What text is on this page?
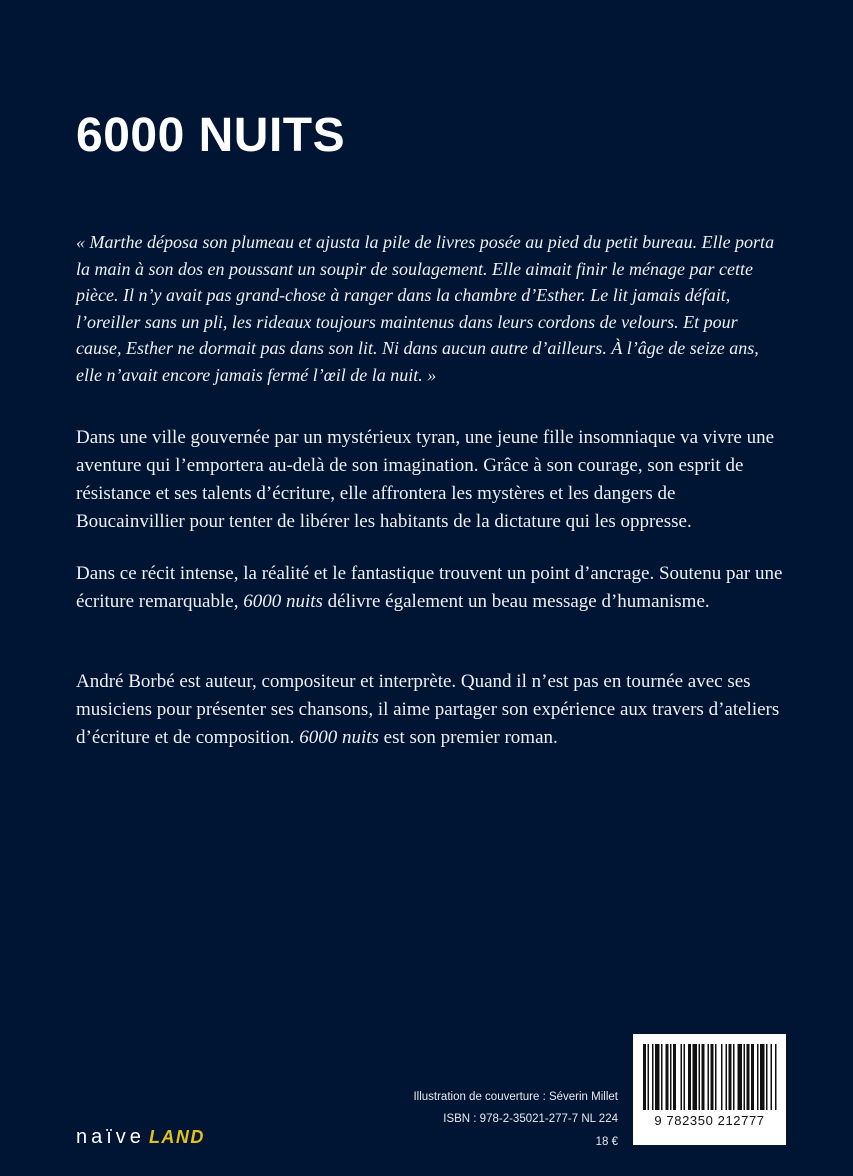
6000 NUITS

« Marthe déposa son plumeau et ajusta la pile de livres posée au pied du petit bureau. Elle porta la main à son dos en poussant un soupir de soulagement. Elle aimait finir le ménage par cette pièce. Il n’y avait pas grand-chose à ranger dans la chambre d’Esther. Le lit jamais défait, l’oreiller sans un pli, les rideaux toujours maintenus dans leurs cordons de velours. Et pour cause, Esther ne dormait pas dans son lit. Ni dans aucun autre d’ailleurs. À l’âge de seize ans, elle n’avait encore jamais fermé l’œil de la nuit. »

Dans une ville gouvernée par un mystérieux tyran, une jeune fille insomniaque va vivre une aventure qui l’emportera au-delà de son imagination. Grâce à son courage, son esprit de résistance et ses talents d’écriture, elle affrontera les mystères et les dangers de Boucainvillier pour tenter de libérer les habitants de la dictature qui les oppresse.

Dans ce récit intense, la réalité et le fantastique trouvent un point d’ancrage. Soutenu par une écriture remarquable, 6000 nuits délivre également un beau message d’humanisme.

André Borbé est auteur, compositeur et interprète. Quand il n’est pas en tournée avec ses musiciens pour présenter ses chansons, il aime partager son expérience aux travers d’ateliers d’écriture et de composition. 6000 nuits est son premier roman.

naïve LAND
Illustration de couverture : Séverin Millet
ISBN : 978-2-35021-277-7 NL 224
18 €
9 782350 212777
